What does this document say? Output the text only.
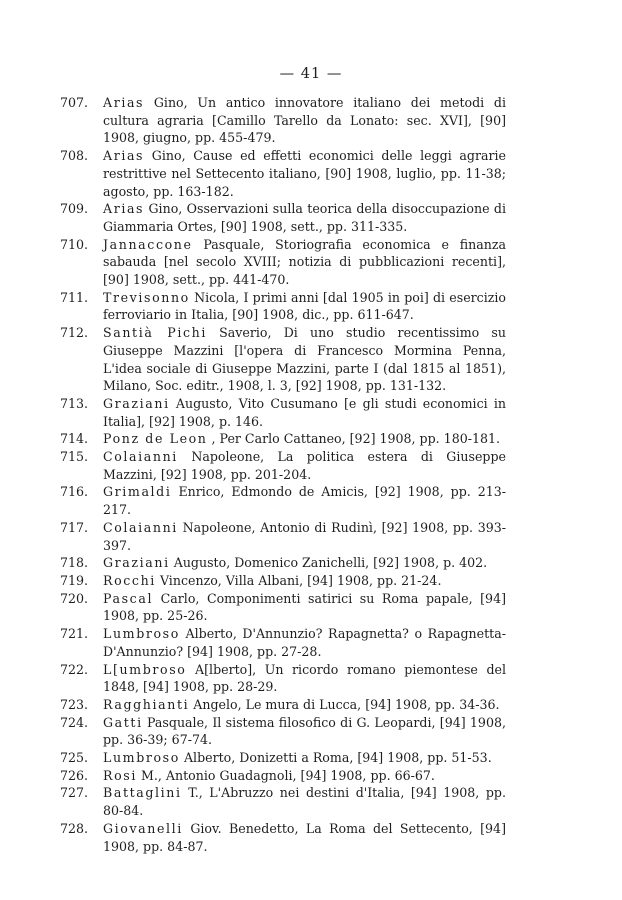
— 41 —
707. Arias Gino, Un antico innovatore italiano dei metodi di cultura agraria [Camillo Tarello da Lonato: sec. XVI], [90] 1908, giugno, pp. 455-479.
708. Arias Gino, Cause ed effetti economici delle leggi agrarie restrittive nel Settecento italiano, [90] 1908, luglio, pp. 11-38; agosto, pp. 163-182.
709. Arias Gino, Osservazioni sulla teorica della disoccupazione di Giammaria Ortes, [90] 1908, sett., pp. 311-335.
710. Jannaccone Pasquale, Storiografia economica e finanza sabauda [nel secolo XVIII; notizia di pubblicazioni recenti], [90] 1908, sett., pp. 441-470.
711. Trevisonno Nicola, I primi anni [dal 1905 in poi] di esercizio ferroviario in Italia, [90] 1908, dic., pp. 611-647.
712. Santià Pichi Saverio, Di uno studio recentissimo su Giuseppe Mazzini [l'opera di Francesco Mormina Penna, L'idea sociale di Giuseppe Mazzini, parte I (dal 1815 al 1851), Milano, Soc. editr., 1908, l. 3, [92] 1908, pp. 131-132.
713. Graziani Augusto, Vito Cusumano [e gli studi economici in Italia], [92] 1908, p. 146.
714. Ponz de Leon , Per Carlo Cattaneo, [92] 1908, pp. 180-181.
715. Colaianni Napoleone, La politica estera di Giuseppe Mazzini, [92] 1908, pp. 201-204.
716. Grimaldi Enrico, Edmondo de Amicis, [92] 1908, pp. 213-217.
717. Colaianni Napoleone, Antonio di Rudinì, [92] 1908, pp. 393-397.
718. Graziani Augusto, Domenico Zanichelli, [92] 1908, p. 402.
719. Rocchi Vincenzo, Villa Albani, [94] 1908, pp. 21-24.
720. Pascal Carlo, Componimenti satirici su Roma papale, [94] 1908, pp. 25-26.
721. Lumbroso Alberto, D'Annunzio? Rapagnetta? o Rapagnetta-D'Annunzio? [94] 1908, pp. 27-28.
722. L[umbroso A[lberto], Un ricordo romano piemontese del 1848, [94] 1908, pp. 28-29.
723. Ragghianti Angelo, Le mura di Lucca, [94] 1908, pp. 34-36.
724. Gatti Pasquale, Il sistema filosofico di G. Leopardi, [94] 1908, pp. 36-39; 67-74.
725. Lumbroso Alberto, Donizetti a Roma, [94] 1908, pp. 51-53.
726. Rosi M., Antonio Guadagnoli, [94] 1908, pp. 66-67.
727. Battaglini T., L'Abruzzo nei destini d'Italia, [94] 1908, pp. 80-84.
728. Giovanelli Giov. Benedetto, La Roma del Settecento, [94] 1908, pp. 84-87.
